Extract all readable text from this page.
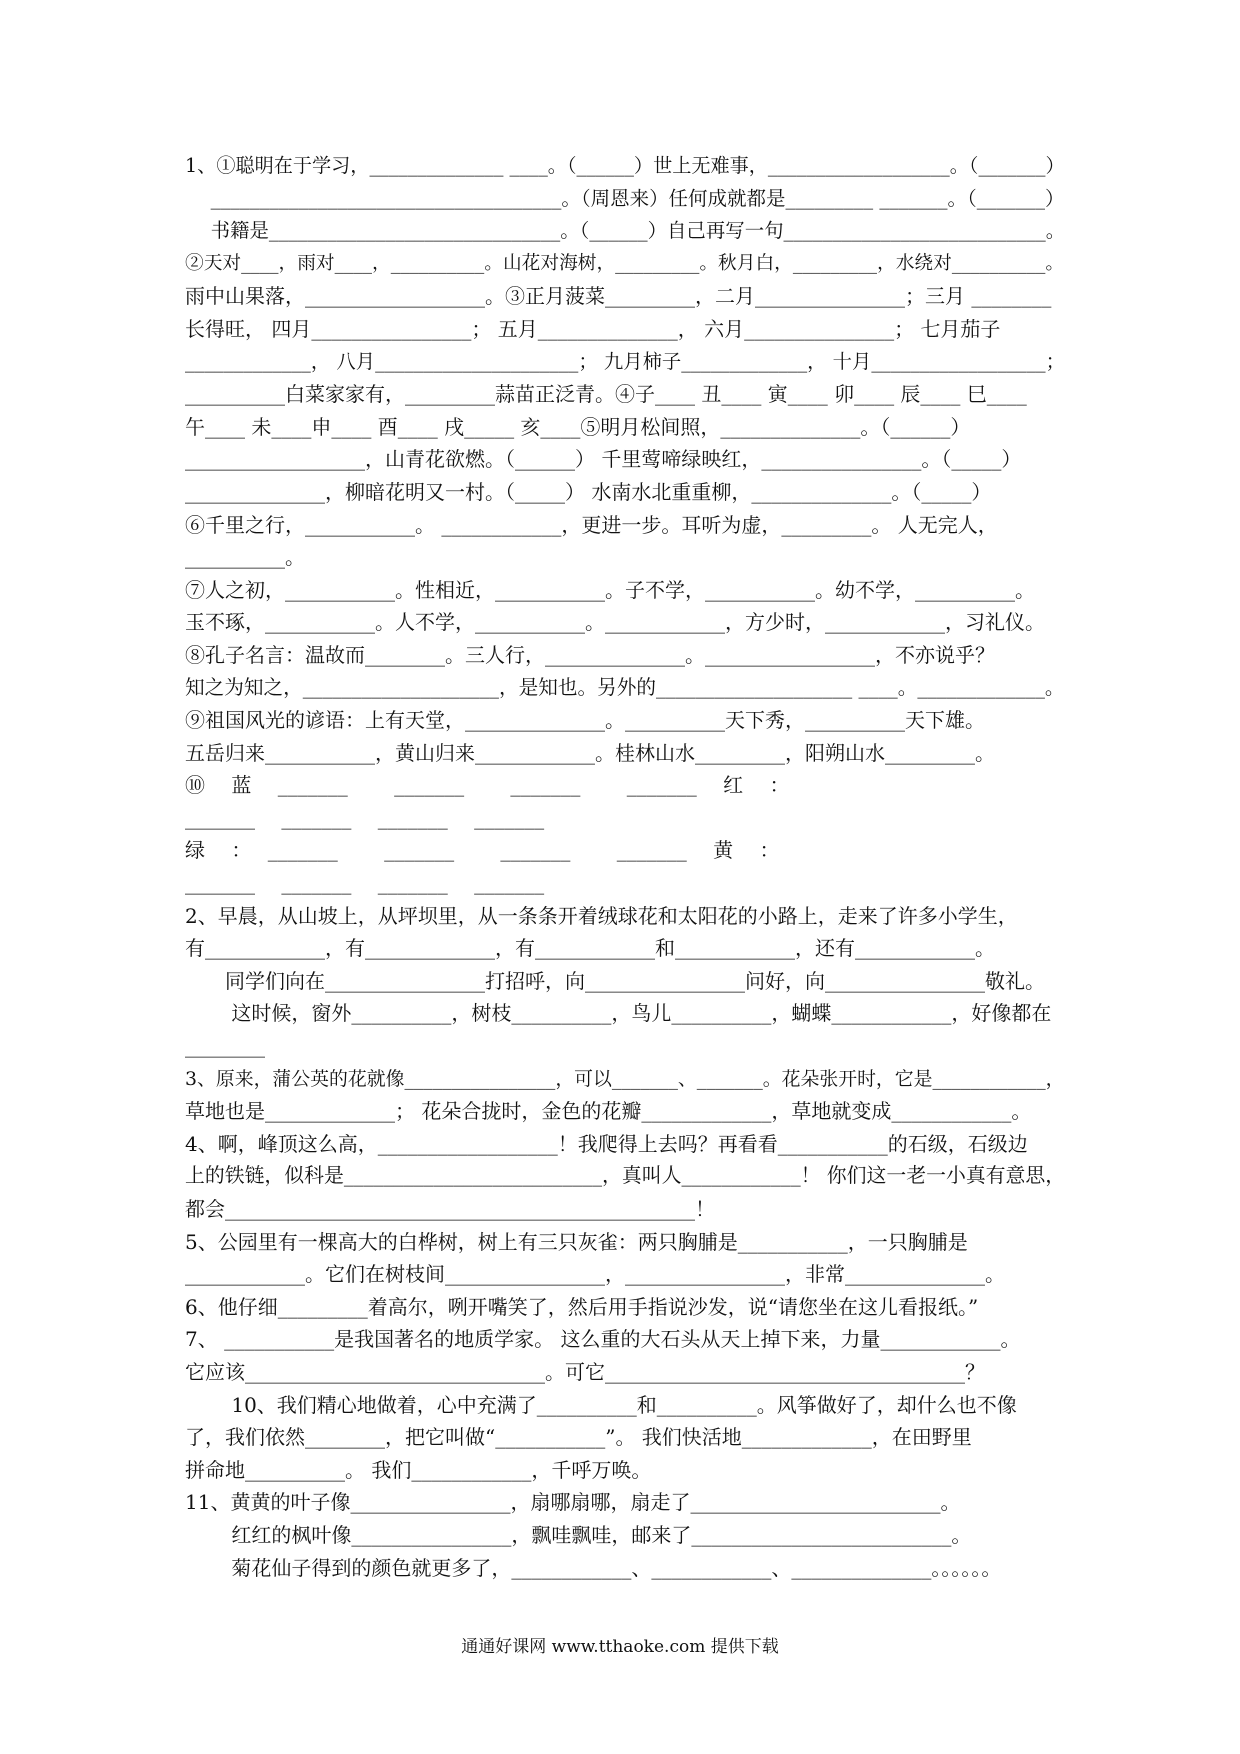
1、①聪明在于学习，______________ ____。（______）世上无难事，___________________。（_______）
　 ____________________________________。（周恩来）任何成就都是_________ _______。（_______）
　 书籍是______________________________。（______）自己再写一句___________________________。
②天对____，雨对____，__________。山花对海树，_________。秋月白，_________，水绕对__________。
雨中山果落，__________________。③正月菠菜_________，二月_______________；三月 ________
长得旺， 四月________________； 五月______________， 六月_______________； 七月茄子
_____________， 八月_____________________； 九月柿子_____________， 十月__________________；
__________白菜家家有，_________蒜苗正泛青。④子____ 丑____ 寅____ 卯____ 辰____ 巳____
午____ 未____申____ 酉____ 戌_____ 亥____⑤明月松间照，______________。（______）
__________________，山青花欲燃。（______） 千里莺啼绿映红，________________。（_____）
______________，柳暗花明又一村。（_____） 水南水北重重柳，______________。（_____）
⑥千里之行，___________。 ____________，更进一步。耳听为虚，_________。 人无完人，
__________。
⑦人之初，___________。性相近，___________。子不学，___________。幼不学，__________。
玉不琢，___________。人不学，___________。____________，方少时，____________，习礼仪。
⑧孔子名言：温故而________。三人行，______________。_________________，不亦说乎？
知之为知之，____________________，是知也。另外的____________________ ____。_____________。
⑨祖国风光的谚语：上有天堂，______________。__________天下秀，__________天下雄。
五岳归来___________，黄山归来____________。桂林山水_________，阳朔山水_________。
⑩ 　蓝　 _______　　 _______　　 _______　　 _______　 红　 ：
_______　 _______　 _______　 _______
绿　 ：　 _______　　 _______　　 _______　　 _______　 黄　 ：
_______　 _______　 _______　 _______
2、早晨，从山坡上，从坪坝里，从一条条开着绒球花和太阳花的小路上，走来了许多小学生，
有____________，有_____________，有____________和____________，还有____________。
　　同学们向在________________打招呼，向________________问好，向________________敬礼。
　　 这时候，窗外__________，树枝__________，鸟儿__________，蝴蝶____________，好像都在
________
3、原来，蒲公英的花就像________________，可以_______、_______。花朵张开时，它是____________，
草地也是_____________； 花朵合拢时，金色的花瓣_____________，草地就变成____________。
4、啊，峰顶这么高，__________________！我爬得上去吗？再看看___________的石级，石级边
上的铁链，似科是__________________________，真叫人____________！ 你们这一老一小真有意思，
都会_______________________________________________！
5、公园里有一棵高大的白桦树，树上有三只灰雀：两只胸脯是___________，一只胸脯是
____________。它们在树枝间________________，________________，非常______________。
6、他仔细_________着高尔，咧开嘴笑了，然后用手指说沙发，说“请您坐在这儿看报纸。”
7、 ___________是我国著名的地质学家。 这么重的大石头从天上掉下来，力量____________。
它应该______________________________。可它____________________________________？
　　 10、我们精心地做着，心中充满了__________和__________。风筝做好了，却什么也不像
了，我们依然________，把它叫做“___________”。 我们快活地_____________，在田野里
拼命地__________。 我们____________，千呼万唤。
11、黄黄的叶子像________________，扇哪扇哪，扇走了_________________________。
　　 红红的枫叶像________________，飘哇飘哇，邮来了__________________________。
　　 菊花仙子得到的颜色就更多了，____________、____________、______________。。。。。。
通通好课网 www.tthaoke.com 提供下载
